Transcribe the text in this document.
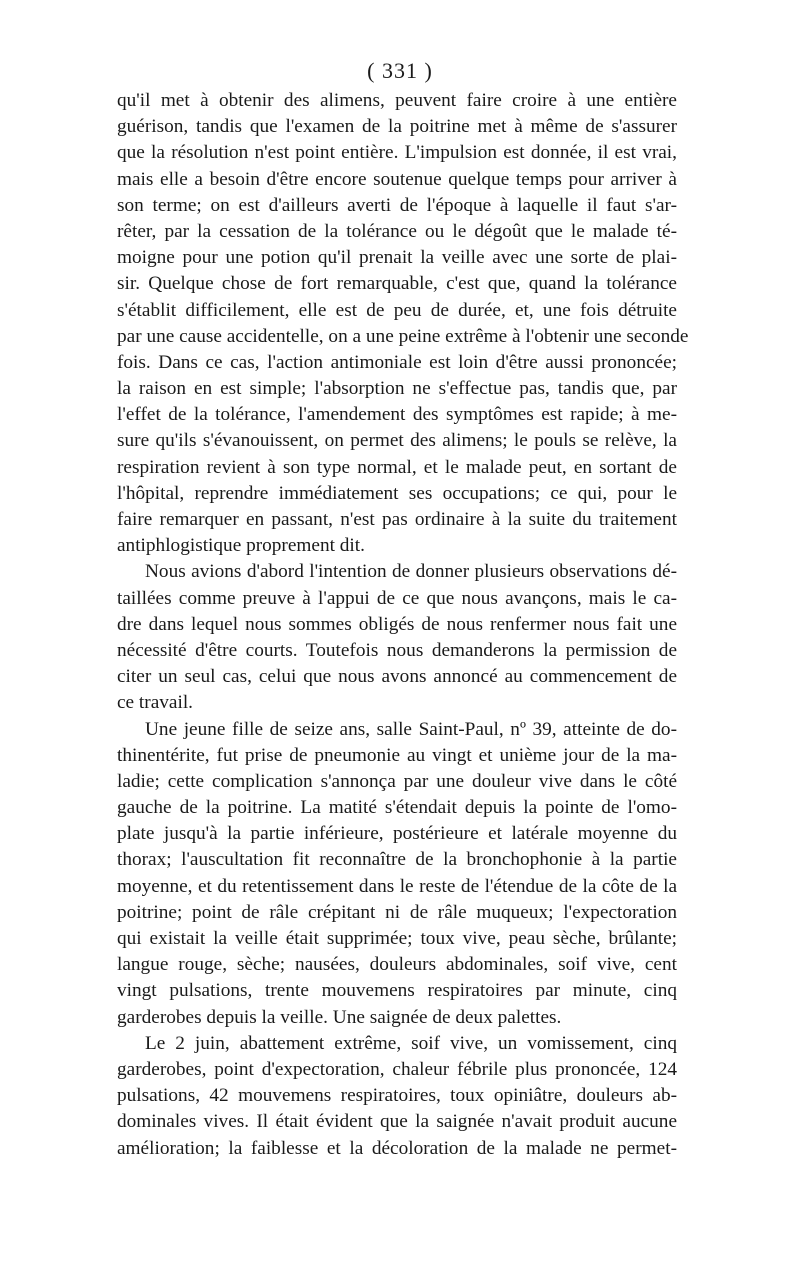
( 331 )
qu'il met à obtenir des alimens, peuvent faire croire à une entière
guérison, tandis que l'examen de la poitrine met à même de s'assurer
que la résolution n'est point entière. L'impulsion est donnée, il est vrai,
mais elle a besoin d'être encore soutenue quelque temps pour arriver à
son terme; on est d'ailleurs averti de l'époque à laquelle il faut s'ar-
rêter, par la cessation de la tolérance ou le dégoût que le malade té-
moigne pour une potion qu'il prenait la veille avec une sorte de plai-
sir. Quelque chose de fort remarquable, c'est que, quand la tolérance
s'établit difficilement, elle est de peu de durée, et, une fois détruite
par une cause accidentelle, on a une peine extrême à l'obtenir une seconde
fois. Dans ce cas, l'action antimoniale est loin d'être aussi prononcée;
la raison en est simple; l'absorption ne s'effectue pas, tandis que, par
l'effet de la tolérance, l'amendement des symptômes est rapide; à me-
sure qu'ils s'évanouissent, on permet des alimens; le pouls se relève, la
respiration revient à son type normal, et le malade peut, en sortant de
l'hôpital, reprendre immédiatement ses occupations; ce qui, pour le
faire remarquer en passant, n'est pas ordinaire à la suite du traitement
antiphlogistique proprement dit.
Nous avions d'abord l'intention de donner plusieurs observations dé-
taillées comme preuve à l'appui de ce que nous avançons, mais le ca-
dre dans lequel nous sommes obligés de nous renfermer nous fait une
nécessité d'être courts. Toutefois nous demanderons la permission de
citer un seul cas, celui que nous avons annoncé au commencement de
ce travail.
Une jeune fille de seize ans, salle Saint-Paul, nº 39, atteinte de do-
thinentérite, fut prise de pneumonie au vingt et unième jour de la ma-
ladie; cette complication s'annonça par une douleur vive dans le côté
gauche de la poitrine. La matité s'étendait depuis la pointe de l'omo-
plate jusqu'à la partie inférieure, postérieure et latérale moyenne du
thorax; l'auscultation fit reconnaître de la bronchophonie à la partie
moyenne, et du retentissement dans le reste de l'étendue de la côte de la
poitrine; point de râle crépitant ni de râle muqueux; l'expectoration
qui existait la veille était supprimée; toux vive, peau sèche, brûlante;
langue rouge, sèche; nausées, douleurs abdominales, soif vive, cent
vingt pulsations, trente mouvemens respiratoires par minute, cinq
garderobes depuis la veille. Une saignée de deux palettes.
Le 2 juin, abattement extrême, soif vive, un vomissement, cinq
garderobes, point d'expectoration, chaleur fébrile plus prononcée, 124
pulsations, 42 mouvemens respiratoires, toux opiniâtre, douleurs ab-
dominales vives. Il était évident que la saignée n'avait produit aucune
amélioration; la faiblesse et la décoloration de la malade ne permet-
